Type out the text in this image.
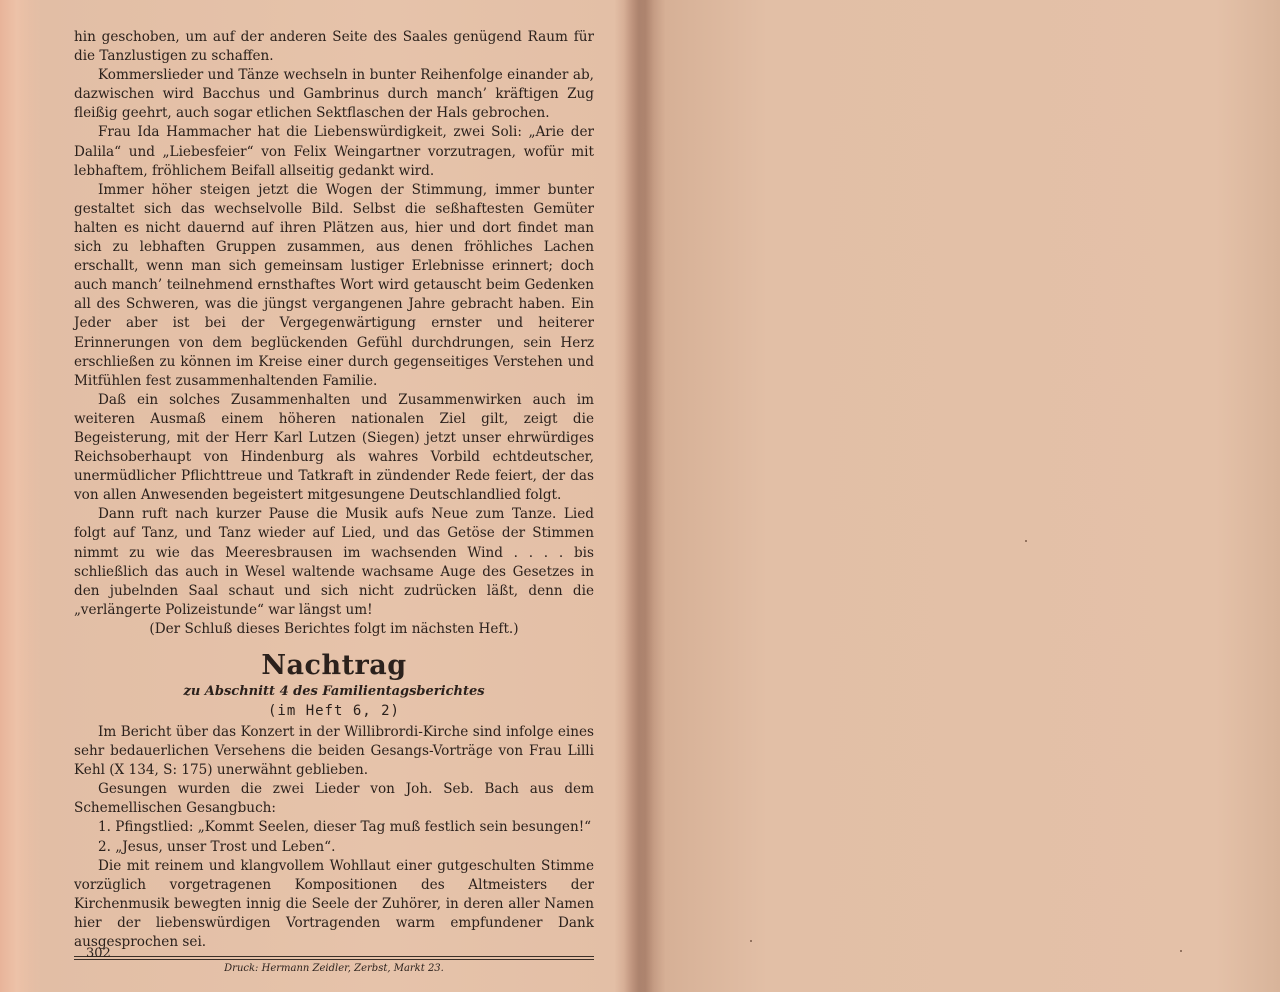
hin geschoben, um auf der anderen Seite des Saales genügend Raum für die Tanzlustigen zu schaffen.

Kommerslieder und Tänze wechseln in bunter Reihenfolge einander ab, dazwischen wird Bacchus und Gambrinus durch manch’ kräftigen Zug fleißig geehrt, auch sogar etlichen Sektflaschen der Hals gebrochen.

Frau Ida Hammacher hat die Liebenswürdigkeit, zwei Soli: „Arie der Dalila“ und „Liebesfeier“ von Felix Weingartner vorzutragen, wofür mit lebhaftem, fröhlichem Beifall allseitig gedankt wird.

Immer höher steigen jetzt die Wogen der Stimmung, immer bunter gestaltet sich das wechselvolle Bild. Selbst die seßhaftesten Gemüter halten es nicht dauernd auf ihren Plätzen aus, hier und dort findet man sich zu lebhaften Gruppen zusammen, aus denen fröhliches Lachen erschallt, wenn man sich gemeinsam lustiger Erlebnisse erinnert; doch auch manch’ teilnehmend ernsthaftes Wort wird getauscht beim Gedenken all des Schweren, was die jüngst vergangenen Jahre gebracht haben. Ein Jeder aber ist bei der Vergegenwärtigung ernster und heiterer Erinnerungen von dem beglückenden Gefühl durchdrungen, sein Herz erschließen zu können im Kreise einer durch gegenseitiges Verstehen und Mitfühlen fest zusammenhaltenden Familie.

Daß ein solches Zusammenhalten und Zusammenwirken auch im weiteren Ausmaß einem höheren nationalen Ziel gilt, zeigt die Begeisterung, mit der Herr Karl Lutzen (Siegen) jetzt unser ehrwürdiges Reichsoberhaupt von Hindenburg als wahres Vorbild echtdeutscher, unermüdlicher Pflichttreue und Tatkraft in zündender Rede feiert, der das von allen Anwesenden begeistert mitgesungene Deutschlandlied folgt.

Dann ruft nach kurzer Pause die Musik aufs Neue zum Tanze. Lied folgt auf Tanz, und Tanz wieder auf Lied, und das Getöse der Stimmen nimmt zu wie das Meeresbrausen im wachsenden Wind . . . . bis schließlich das auch in Wesel waltende wachsame Auge des Gesetzes in den jubelnden Saal schaut und sich nicht zudrücken läßt, denn die „verlängerte Polizeistunde“ war längst um!

(Der Schluß dieses Berichtes folgt im nächsten Heft.)

Nachtrag
zu Abschnitt 4 des Familientagsberichtes
(im Heft 6, 2)

Im Bericht über das Konzert in der Willibrordi-Kirche sind infolge eines sehr bedauerlichen Versehens die beiden Gesangs-Vorträge von Frau Lilli Kehl (X 134, S: 175) unerwähnt geblieben.

Gesungen wurden die zwei Lieder von Joh. Seb. Bach aus dem Schemellischen Gesangbuch:

1. Pfingstlied: „Kommt Seelen, dieser Tag muß festlich sein besungen!“
2. „Jesus, unser Trost und Leben“.

Die mit reinem und klangvollem Wohllaut einer gutgeschulten Stimme vorzüglich vorgetragenen Kompositionen des Altmeisters der Kirchenmusik bewegten innig die Seele der Zuhörer, in deren aller Namen hier der liebenswürdigen Vortragenden warm empfundener Dank ausgesprochen sei.

Druck: Hermann Zeidler, Zerbst, Markt 23.
302
